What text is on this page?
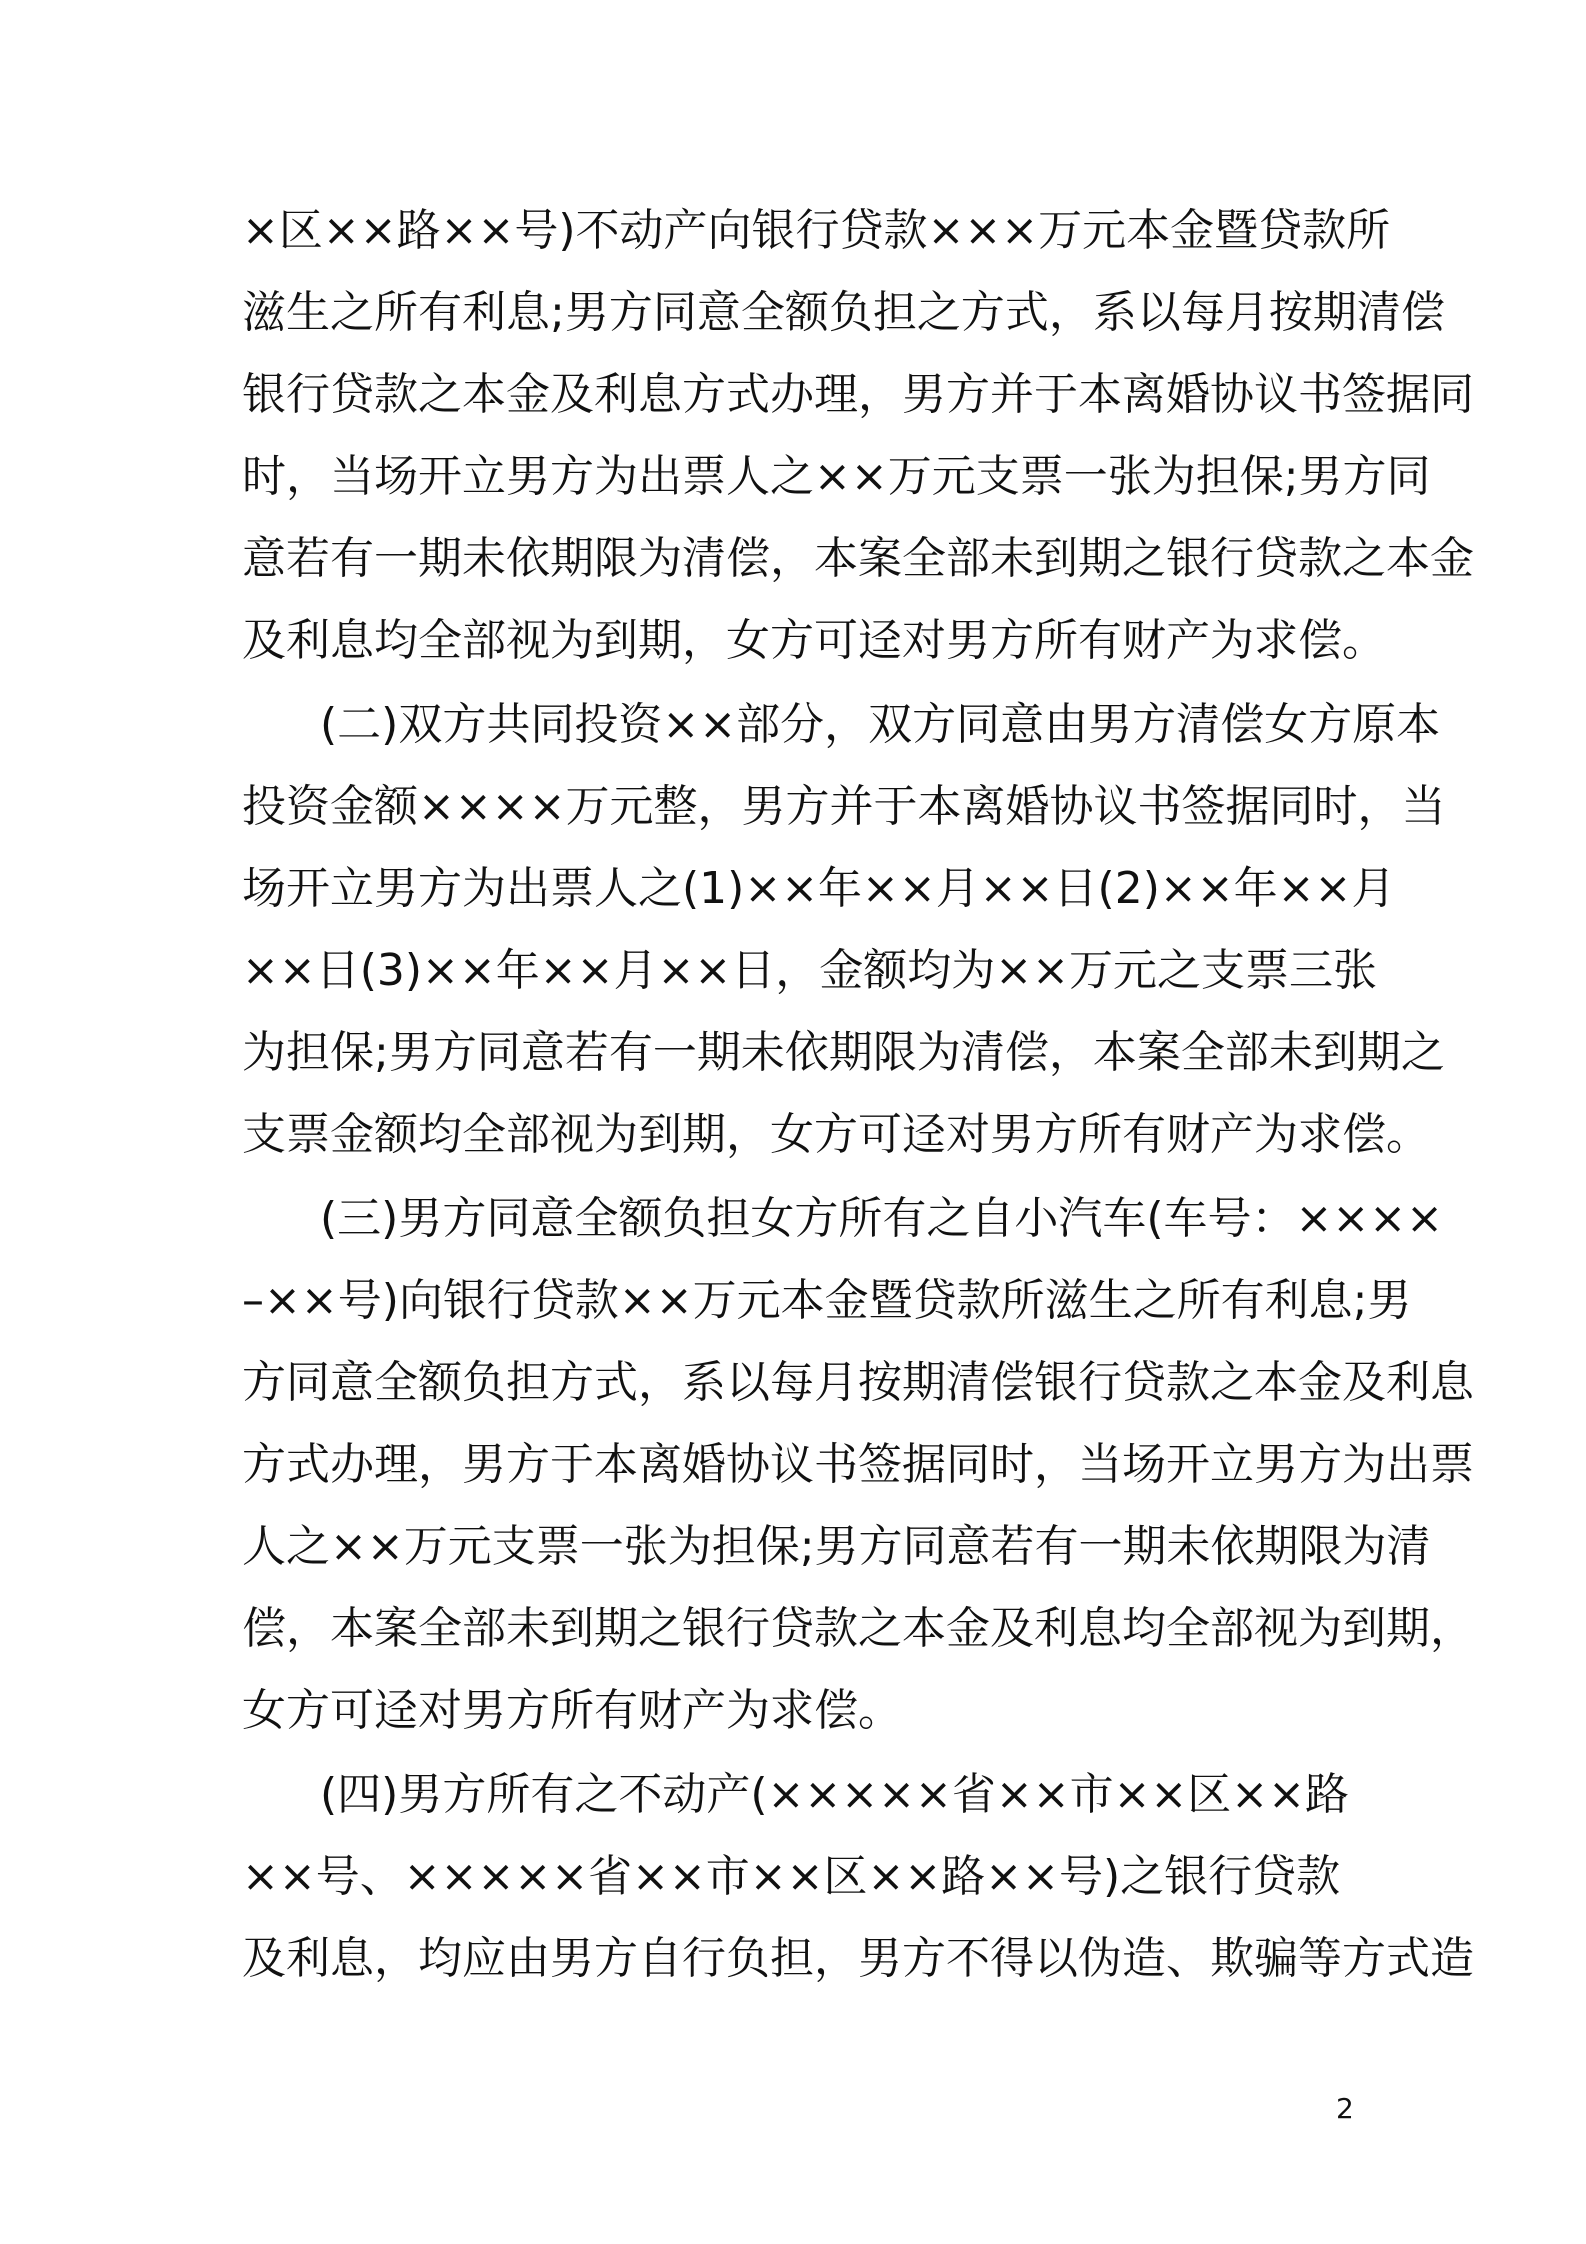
×区××路××号)不动产向银行贷款×××万元本金暨贷款所
滋生之所有利息;男方同意全额负担之方式，系以每月按期清偿
银行贷款之本金及利息方式办理，男方并于本离婚协议书签据同
时，当场开立男方为出票人之××万元支票一张为担保;男方同
意若有一期未依期限为清偿，本案全部未到期之银行贷款之本金
及利息均全部视为到期，女方可迳对男方所有财产为求偿。
(二)双方共同投资××部分，双方同意由男方清偿女方原本
投资金额××××万元整，男方并于本离婚协议书签据同时，当
场开立男方为出票人之(1)××年××月××日(2)××年××月
××日(3)××年××月××日，金额均为××万元之支票三张
为担保;男方同意若有一期未依期限为清偿，本案全部未到期之
支票金额均全部视为到期，女方可迳对男方所有财产为求偿。
(三)男方同意全额负担女方所有之自小汽车(车号：××××
–××号)向银行贷款××万元本金暨贷款所滋生之所有利息;男
方同意全额负担方式，系以每月按期清偿银行贷款之本金及利息
方式办理，男方于本离婚协议书签据同时，当场开立男方为出票
人之××万元支票一张为担保;男方同意若有一期未依期限为清
偿，本案全部未到期之银行贷款之本金及利息均全部视为到期，
女方可迳对男方所有财产为求偿。
(四)男方所有之不动产(×××××省××市××区××路
××号、×××××省××市××区××路××号)之银行贷款
及利息，均应由男方自行负担，男方不得以伪造、欺骗等方式造
2
